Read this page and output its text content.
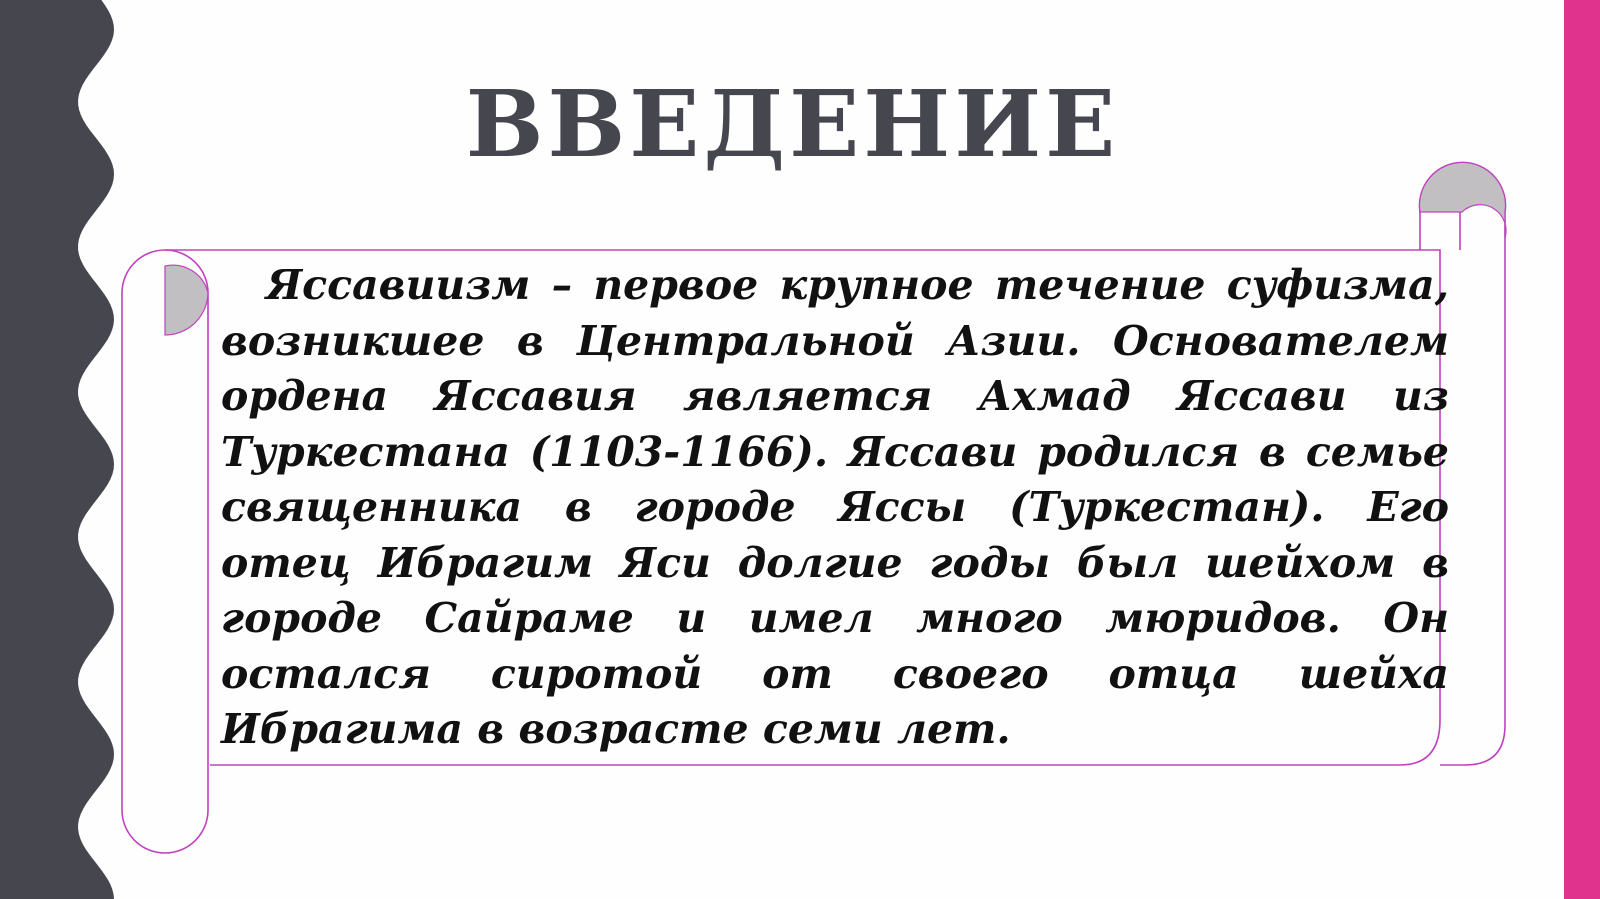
ВВЕДЕНИЕ

Яссавиизм – первое крупное течение суфизма, возникшее в Центральной Азии. Основателем ордена Яссавия является Ахмад Яссави из Туркестана (1103-1166). Яссави родился в семье священника в городе Яссы (Туркестан). Его отец Ибрагим Яси долгие годы был шейхом в городе Сайраме и имел много мюридов. Он остался сиротой от своего отца шейха Ибрагима в возрасте семи лет.
